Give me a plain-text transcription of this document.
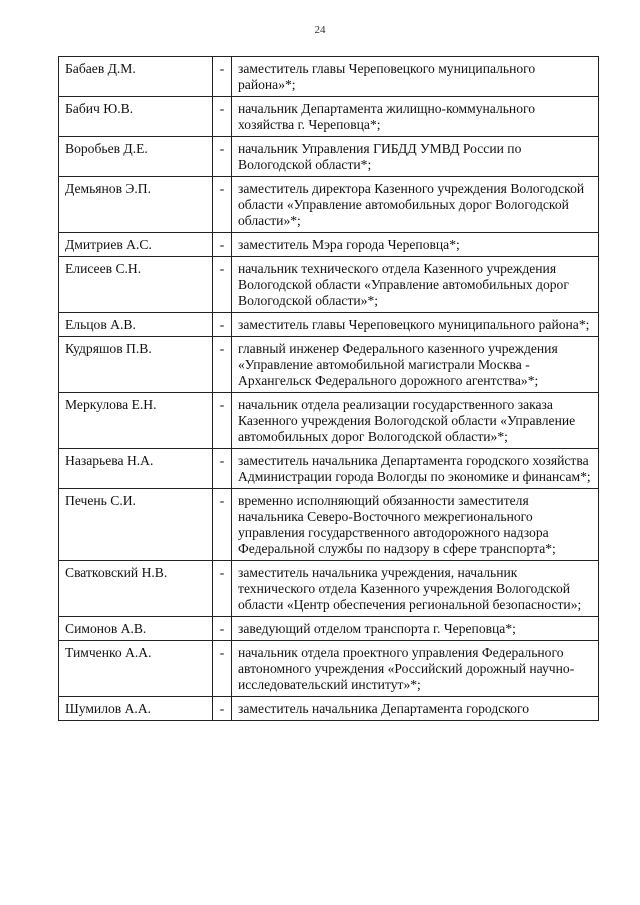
24
Бабаев Д.М.	-	заместитель главы Череповецкого муниципального района»*;
Бабич Ю.В.	-	начальник Департамента жилищно-коммунального хозяйства г. Череповца*;
Воробьев Д.Е.	-	начальник Управления ГИБДД УМВД России по Вологодской области*;
Демьянов Э.П.	-	заместитель директора Казенного учреждения Вологодской области «Управление автомобильных дорог Вологодской области»*;
Дмитриев А.С.	-	заместитель Мэра города Череповца*;
Елисеев С.Н.	-	начальник технического отдела Казенного учреждения Вологодской области «Управление автомобильных дорог Вологодской области»*;
Ельцов А.В.	-	заместитель главы Череповецкого муниципального района*;
Кудряшов П.В.	-	главный инженер Федерального казенного учреждения «Управление автомобильной магистрали Москва - Архангельск Федерального дорожного агентства»*;
Меркулова Е.Н.	-	начальник отдела реализации государственного заказа Казенного учреждения Вологодской области «Управление автомобильных дорог Вологодской области»*;
Назарьева Н.А.	-	заместитель начальника Департамента городского хозяйства Администрации города Вологды по экономике и финансам*;
Печень С.И.	-	временно исполняющий обязанности заместителя начальника Северо-Восточного межрегионального управления государственного автодорожного надзора Федеральной службы по надзору в сфере транспорта*;
Сватковский Н.В.	-	заместитель начальника учреждения, начальник технического отдела Казенного учреждения Вологодской области «Центр обеспечения региональной безопасности»;
Симонов А.В.	-	заведующий отделом транспорта г. Череповца*;
Тимченко А.А.	-	начальник отдела проектного управления Федерального автономного учреждения «Российский дорожный научно-исследовательский институт»*;
Шумилов А.А.	-	заместитель начальника Департамента городского
